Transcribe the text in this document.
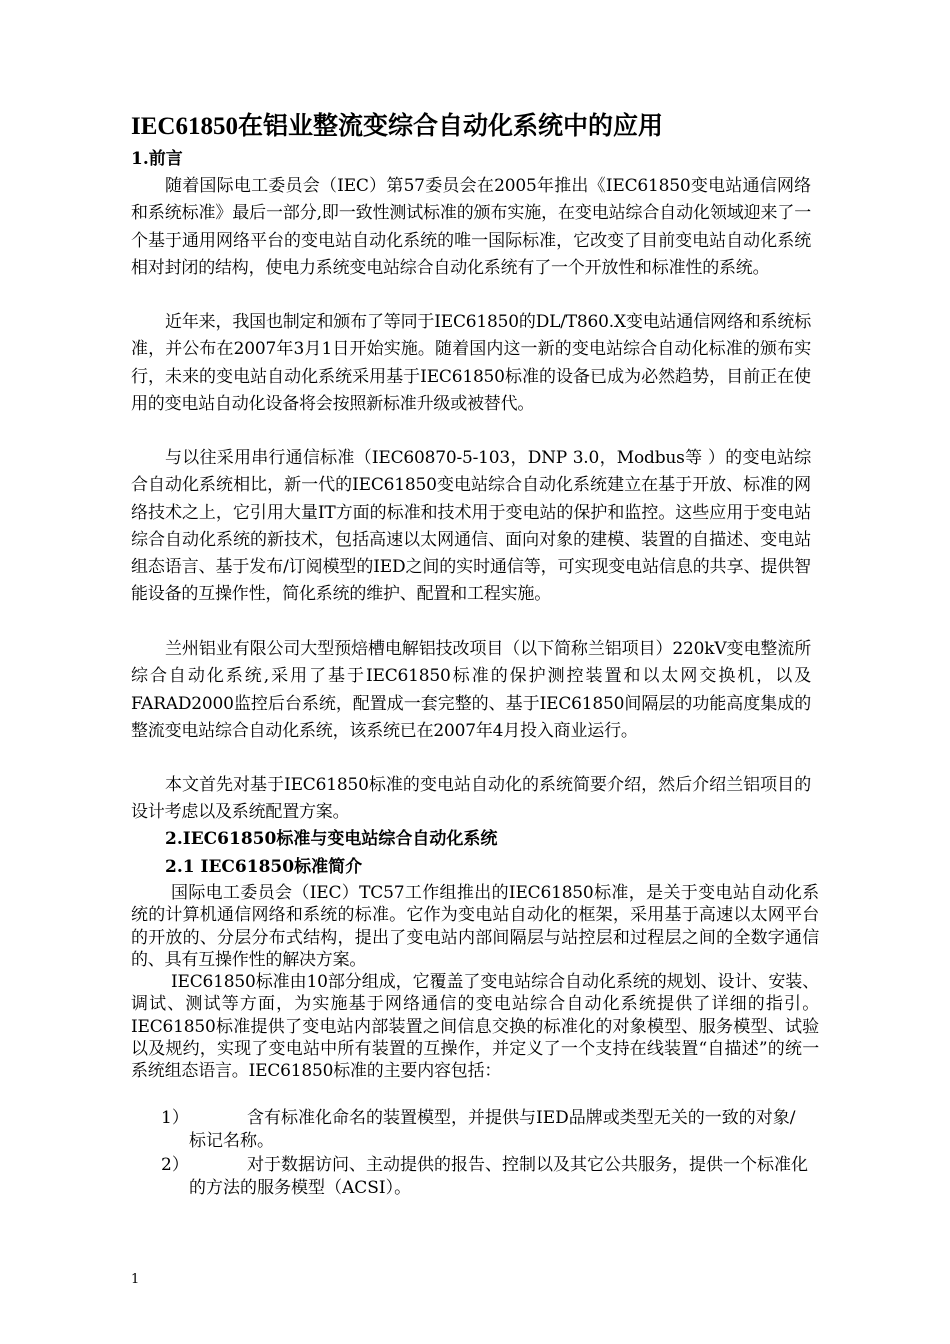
IEC61850在铝业整流变综合自动化系统中的应用
1.前言

随着国际电工委员会（IEC）第57委员会在2005年推出《IEC61850变电站通信网络和系统标准》最后一部分,即一致性测试标准的颁布实施，在变电站综合自动化领域迎来了一个基于通用网络平台的变电站自动化系统的唯一国际标准，它改变了目前变电站自动化系统相对封闭的结构，使电力系统变电站综合自动化系统有了一个开放性和标准性的系统。

近年来，我国也制定和颁布了等同于IEC61850的DL/T860.X变电站通信网络和系统标准，并公布在2007年3月1日开始实施。随着国内这一新的变电站综合自动化标准的颁布实行，未来的变电站自动化系统采用基于IEC61850标准的设备已成为必然趋势，目前正在使用的变电站自动化设备将会按照新标准升级或被替代。

与以往采用串行通信标准（IEC60870-5-103，DNP 3.0，Modbus等 ）的变电站综合自动化系统相比，新一代的IEC61850变电站综合自动化系统建立在基于开放、标准的网络技术之上，它引用大量IT方面的标准和技术用于变电站的保护和监控。这些应用于变电站综合自动化系统的新技术，包括高速以太网通信、面向对象的建模、装置的自描述、变电站组态语言、基于发布/订阅模型的IED之间的实时通信等，可实现变电站信息的共享、提供智能设备的互操作性，简化系统的维护、配置和工程实施。

兰州铝业有限公司大型预焙槽电解铝技改项目（以下简称兰铝项目）220kV变电整流所综合自动化系统,采用了基于IEC61850标准的保护测控装置和以太网交换机，以及FARAD2000监控后台系统，配置成一套完整的、基于IEC61850间隔层的功能高度集成的整流变电站综合自动化系统，该系统已在2007年4月投入商业运行。

本文首先对基于IEC61850标准的变电站自动化的系统简要介绍，然后介绍兰铝项目的设计考虑以及系统配置方案。

2.IEC61850标准与变电站综合自动化系统
2.1 IEC61850标准简介

国际电工委员会（IEC）TC57工作组推出的IEC61850标准，是关于变电站自动化系统的计算机通信网络和系统的标准。它作为变电站自动化的框架，采用基于高速以太网平台的开放的、分层分布式结构，提出了变电站内部间隔层与站控层和过程层之间的全数字通信的、具有互操作性的解决方案。

IEC61850标准由10部分组成，它覆盖了变电站综合自动化系统的规划、设计、安装、调试、测试等方面，为实施基于网络通信的变电站综合自动化系统提供了详细的指引。IEC61850标准提供了变电站内部装置之间信息交换的标准化的对象模型、服务模型、试验以及规约，实现了变电站中所有装置的互操作，并定义了一个支持在线装置“自描述”的统一系统组态语言。IEC61850标准的主要内容包括：

1）	含有标准化命名的装置模型，并提供与IED品牌或类型无关的一致的对象/标记名称。
2）	对于数据访问、主动提供的报告、控制以及其它公共服务，提供一个标准化的方法的服务模型（ACSI）。

1
